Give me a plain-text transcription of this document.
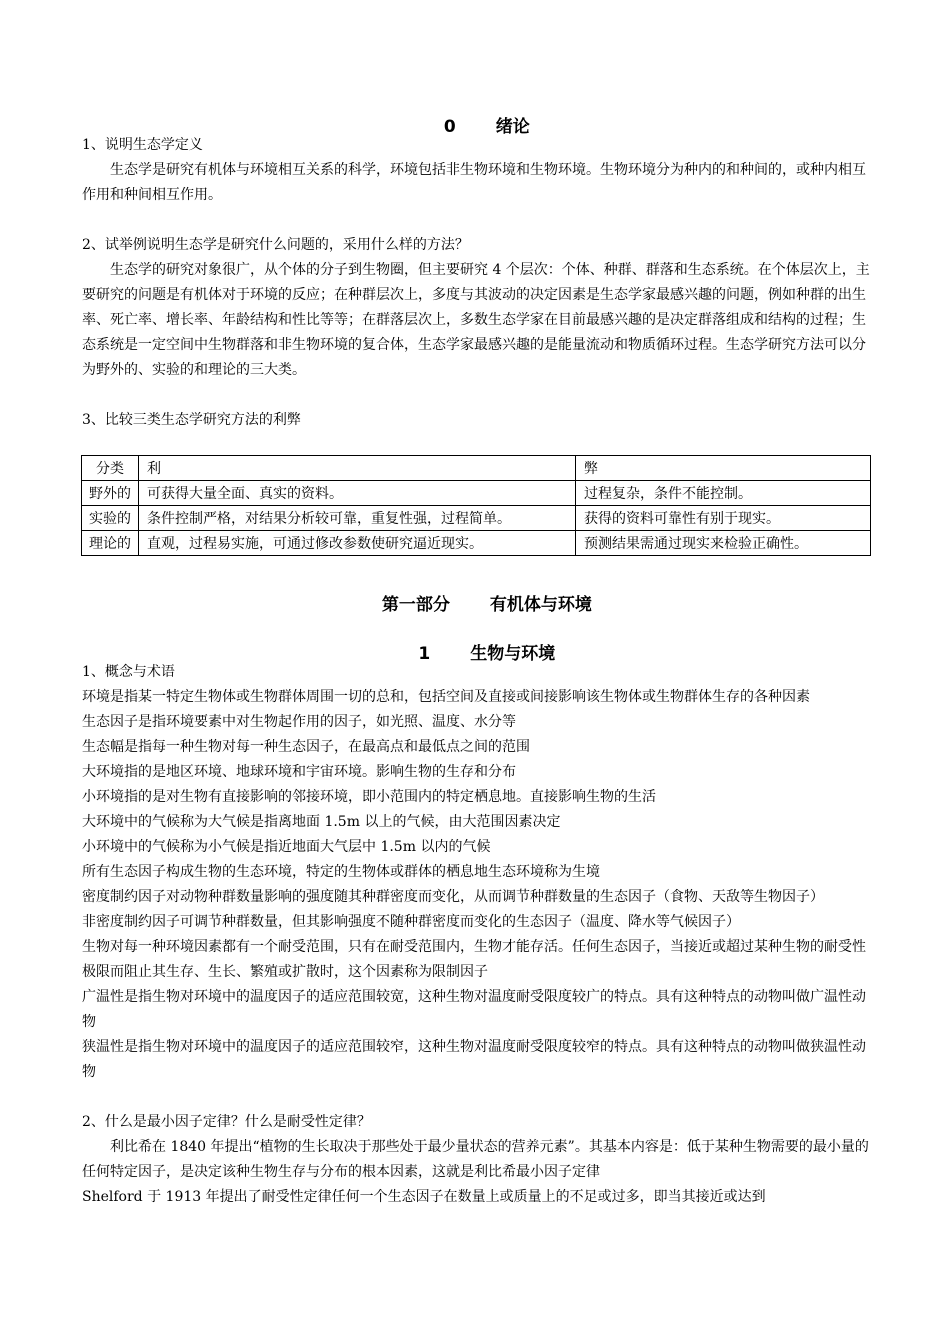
0 绪论

1、说明生态学定义

生态学是研究有机体与环境相互关系的科学，环境包括非生物环境和生物环境。生物环境分为种内的和种间的，或种内相互作用和种间相互作用。

2、试举例说明生态学是研究什么问题的，采用什么样的方法？

生态学的研究对象很广，从个体的分子到生物圈，但主要研究 4 个层次：个体、种群、群落和生态系统。在个体层次上，主要研究的问题是有机体对于环境的反应；在种群层次上，多度与其波动的决定因素是生态学家最感兴趣的问题，例如种群的出生率、死亡率、增长率、年龄结构和性比等等；在群落层次上，多数生态学家在目前最感兴趣的是决定群落组成和结构的过程；生态系统是一定空间中生物群落和非生物环境的复合体，生态学家最感兴趣的是能量流动和物质循环过程。生态学研究方法可以分为野外的、实验的和理论的三大类。

3、比较三类生态学研究方法的利弊

分类	利	弊
野外的	可获得大量全面、真实的资料。	过程复杂，条件不能控制。
实验的	条件控制严格，对结果分析较可靠，重复性强，过程简单。	获得的资料可靠性有别于现实。
理论的	直观，过程易实施，可通过修改参数使研究逼近现实。	预测结果需通过现实来检验正确性。

第一部分 有机体与环境

1 生物与环境

1、概念与术语

环境是指某一特定生物体或生物群体周围一切的总和，包括空间及直接或间接影响该生物体或生物群体生存的各种因素

生态因子是指环境要素中对生物起作用的因子，如光照、温度、水分等

生态幅是指每一种生物对每一种生态因子，在最高点和最低点之间的范围

大环境指的是地区环境、地球环境和宇宙环境。影响生物的生存和分布

小环境指的是对生物有直接影响的邻接环境，即小范围内的特定栖息地。直接影响生物的生活

大环境中的气候称为大气候是指离地面 1.5m 以上的气候，由大范围因素决定

小环境中的气候称为小气候是指近地面大气层中 1.5m 以内的气候

所有生态因子构成生物的生态环境，特定的生物体或群体的栖息地生态环境称为生境

密度制约因子对动物种群数量影响的强度随其种群密度而变化，从而调节种群数量的生态因子（食物、天敌等生物因子）

非密度制约因子可调节种群数量，但其影响强度不随种群密度而变化的生态因子（温度、降水等气候因子）

生物对每一种环境因素都有一个耐受范围，只有在耐受范围内，生物才能存活。任何生态因子，当接近或超过某种生物的耐受性极限而阻止其生存、生长、繁殖或扩散时，这个因素称为限制因子

广温性是指生物对环境中的温度因子的适应范围较宽，这种生物对温度耐受限度较广的特点。具有这种特点的动物叫做广温性动物

狭温性是指生物对环境中的温度因子的适应范围较窄，这种生物对温度耐受限度较窄的特点。具有这种特点的动物叫做狭温性动物

2、什么是最小因子定律？什么是耐受性定律？

利比希在 1840 年提出“植物的生长取决于那些处于最少量状态的营养元素”。其基本内容是：低于某种生物需要的最小量的任何特定因子，是决定该种生物生存与分布的根本因素，这就是利比希最小因子定律

Shelford 于 1913 年提出了耐受性定律任何一个生态因子在数量上或质量上的不足或过多，即当其接近或达到
